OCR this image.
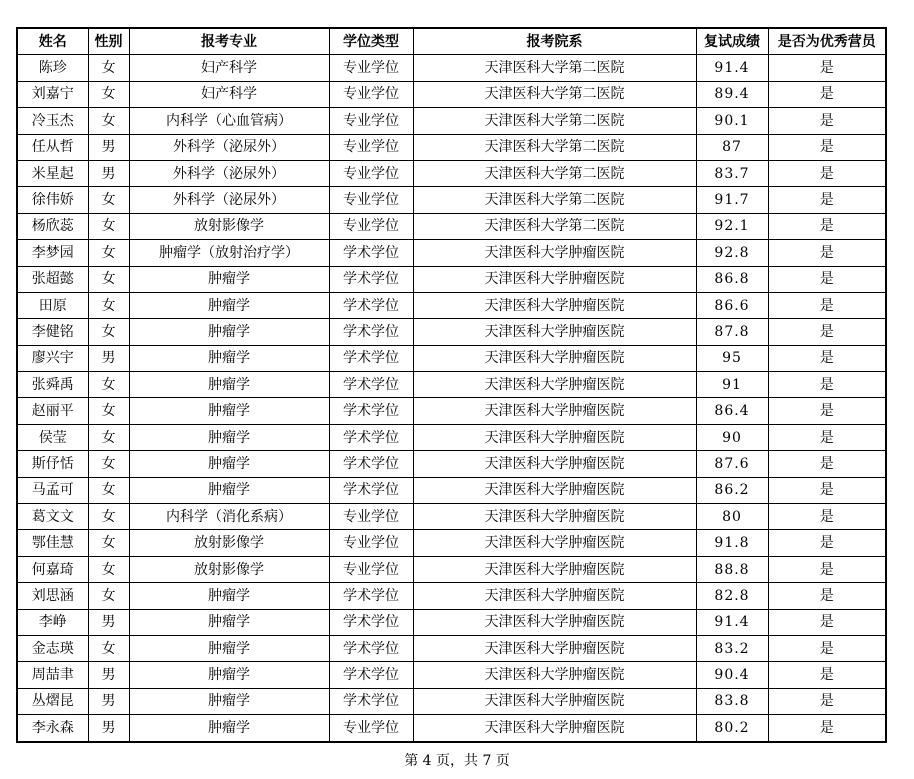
姓名	性别	报考专业	学位类型	报考院系	复试成绩	是否为优秀营员
陈珍	女	妇产科学	专业学位	天津医科大学第二医院	91.4	是
刘嘉宁	女	妇产科学	专业学位	天津医科大学第二医院	89.4	是
冷玉杰	女	内科学（心血管病）	专业学位	天津医科大学第二医院	90.1	是
任从哲	男	外科学（泌尿外）	专业学位	天津医科大学第二医院	87	是
米星起	男	外科学（泌尿外）	专业学位	天津医科大学第二医院	83.7	是
徐伟娇	女	外科学（泌尿外）	专业学位	天津医科大学第二医院	91.7	是
杨欣蕊	女	放射影像学	专业学位	天津医科大学第二医院	92.1	是
李梦园	女	肿瘤学（放射治疗学）	学术学位	天津医科大学肿瘤医院	92.8	是
张超懿	女	肿瘤学	学术学位	天津医科大学肿瘤医院	86.8	是
田原	女	肿瘤学	学术学位	天津医科大学肿瘤医院	86.6	是
李健铭	女	肿瘤学	学术学位	天津医科大学肿瘤医院	87.8	是
廖兴宇	男	肿瘤学	学术学位	天津医科大学肿瘤医院	95	是
张舜禹	女	肿瘤学	学术学位	天津医科大学肿瘤医院	91	是
赵丽平	女	肿瘤学	学术学位	天津医科大学肿瘤医院	86.4	是
侯莹	女	肿瘤学	学术学位	天津医科大学肿瘤医院	90	是
斯伃恬	女	肿瘤学	学术学位	天津医科大学肿瘤医院	87.6	是
马孟可	女	肿瘤学	学术学位	天津医科大学肿瘤医院	86.2	是
葛文文	女	内科学（消化系病）	专业学位	天津医科大学肿瘤医院	80	是
鄂佳慧	女	放射影像学	专业学位	天津医科大学肿瘤医院	91.8	是
何嘉琦	女	放射影像学	专业学位	天津医科大学肿瘤医院	88.8	是
刘思涵	女	肿瘤学	学术学位	天津医科大学肿瘤医院	82.8	是
李峥	男	肿瘤学	学术学位	天津医科大学肿瘤医院	91.4	是
金志瑛	女	肿瘤学	学术学位	天津医科大学肿瘤医院	83.2	是
周喆聿	男	肿瘤学	学术学位	天津医科大学肿瘤医院	90.4	是
丛熠昆	男	肿瘤学	学术学位	天津医科大学肿瘤医院	83.8	是
李永森	男	肿瘤学	专业学位	天津医科大学肿瘤医院	80.2	是
第 4 页，共 7 页
